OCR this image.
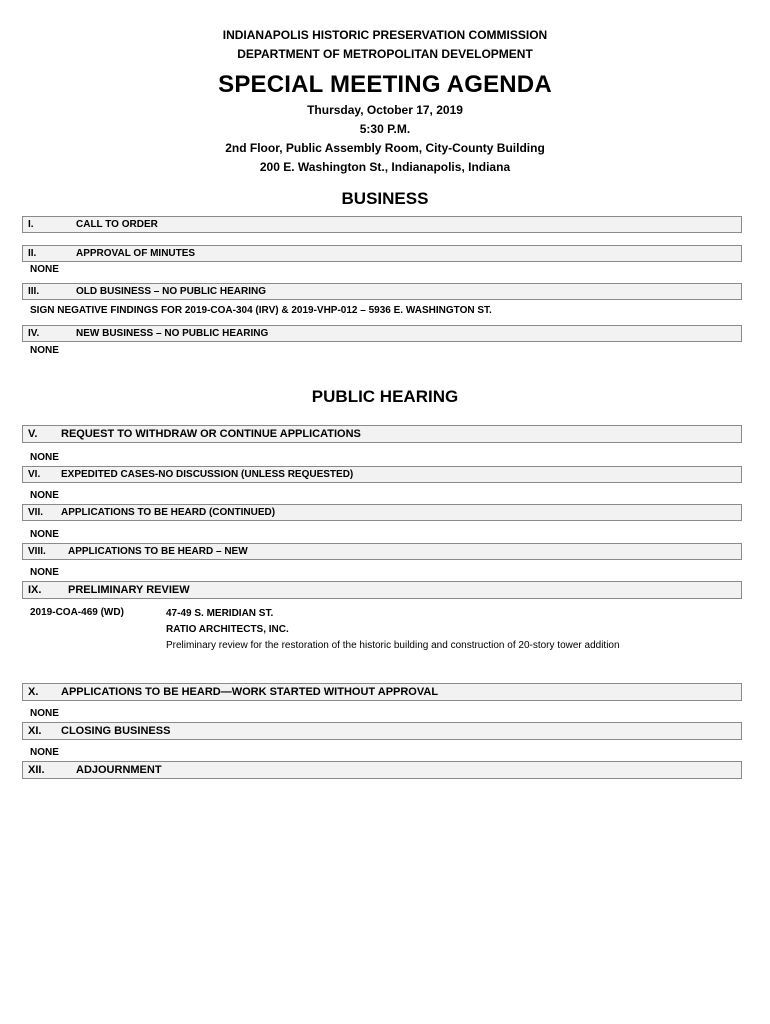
INDIANAPOLIS HISTORIC PRESERVATION COMMISSION
DEPARTMENT OF METROPOLITAN DEVELOPMENT
SPECIAL MEETING AGENDA
Thursday, October 17, 2019
5:30 P.M.
2nd Floor, Public Assembly Room, City-County Building
200 E. Washington St., Indianapolis, Indiana
BUSINESS
I.	CALL TO ORDER
II.	APPROVAL OF MINUTES
NONE
III.	OLD BUSINESS – NO PUBLIC HEARING
SIGN NEGATIVE FINDINGS FOR 2019-COA-304 (IRV) & 2019-VHP-012 – 5936 E. WASHINGTON ST.
IV.	NEW BUSINESS – NO PUBLIC HEARING
NONE
PUBLIC HEARING
V. REQUEST TO WITHDRAW OR CONTINUE APPLICATIONS
NONE
VI. EXPEDITED CASES-NO DISCUSSION (UNLESS REQUESTED)
NONE
VII. APPLICATIONS TO BE HEARD (CONTINUED)
NONE
VIII. APPLICATIONS TO BE HEARD – NEW
NONE
IX. PRELIMINARY REVIEW
2019-COA-469 (WD)	47-49 S. MERIDIAN ST.
RATIO ARCHITECTS, INC.
Preliminary review for the restoration of the historic building and construction of 20-story tower addition
X. APPLICATIONS TO BE HEARD—WORK STARTED WITHOUT APPROVAL
NONE
XI. CLOSING BUSINESS
NONE
XII.	ADJOURNMENT
